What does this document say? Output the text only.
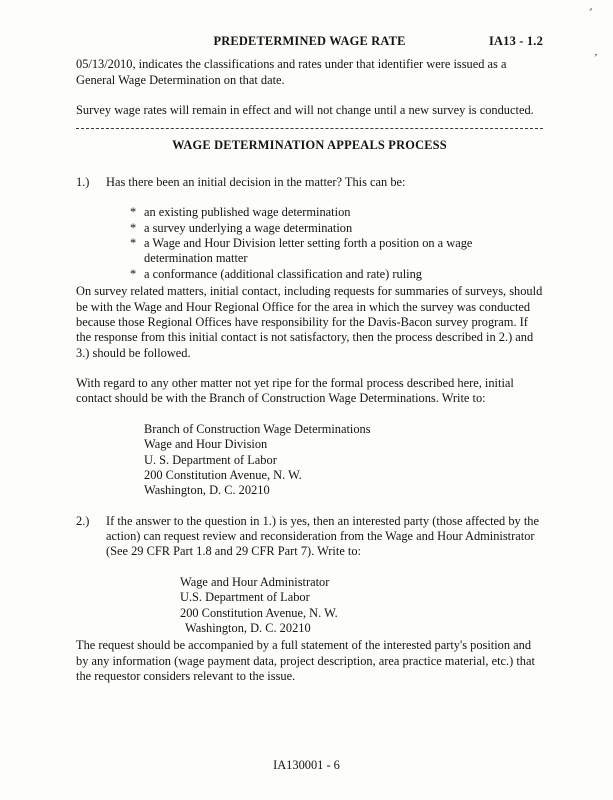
’
’
PREDETERMINED WAGE RATE	IA13 - 1.2

05/13/2010, indicates the classifications and rates under that identifier were issued as a General Wage Determination on that date.

Survey wage rates will remain in effect and will not change until a new survey is conducted.

WAGE DETERMINATION APPEALS PROCESS
1.)	Has there been an initial decision in the matter? This can be:
* an existing published wage determination
* a survey underlying a wage determination
* a Wage and Hour Division letter setting forth a position on a wage determination matter
* a conformance (additional classification and rate) ruling

On survey related matters, initial contact, including requests for summaries of surveys, should be with the Wage and Hour Regional Office for the area in which the survey was conducted because those Regional Offices have responsibility for the Davis-Bacon survey program. If the response from this initial contact is not satisfactory, then the process described in 2.) and 3.) should be followed.

With regard to any other matter not yet ripe for the formal process described here, initial contact should be with the Branch of Construction Wage Determinations. Write to:

Branch of Construction Wage Determinations
Wage and Hour Division
U. S. Department of Labor
200 Constitution Avenue, N. W.
Washington, D. C. 20210
2.)	If the answer to the question in 1.) is yes, then an interested party (those affected by the action) can request review and reconsideration from the Wage and Hour Administrator (See 29 CFR Part 1.8 and 29 CFR Part 7). Write to:
Wage and Hour Administrator
U.S. Department of Labor
200 Constitution Avenue, N. W.
Washington, D. C. 20210

The request should be accompanied by a full statement of the interested party's position and by any information (wage payment data, project description, area practice material, etc.) that the requestor considers relevant to the issue.

IA130001 - 6
